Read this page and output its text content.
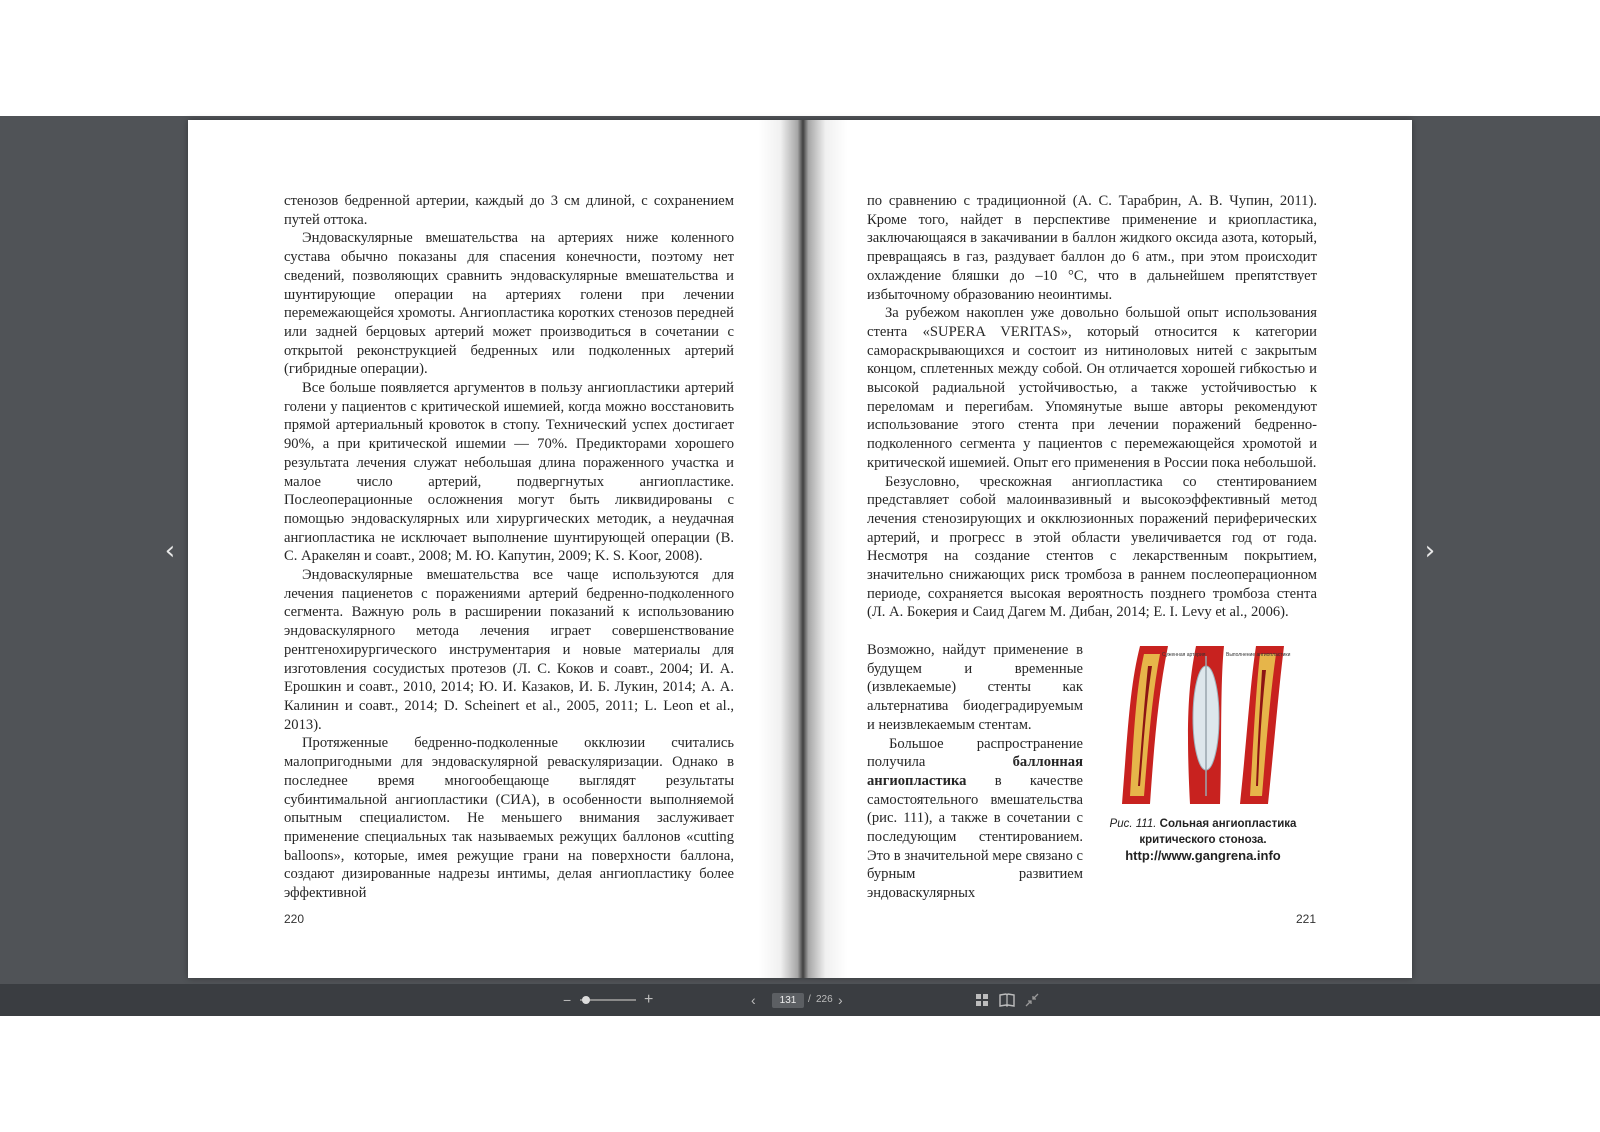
стенозов бедренной артерии, каждый до 3 см длиной, с сохранением путей оттока.

Эндоваскулярные вмешательства на артериях ниже коленного сустава обычно показаны для спасения конечности, поэтому нет сведений, позволяющих сравнить эндоваскулярные вмешательства и шунтирующие операции на артериях голени при лечении перемежающейся хромоты. Ангиопластика коротких стенозов передней или задней берцовых артерий может производиться в сочетании с открытой реконструкцией бедренных или подколенных артерий (гибридные операции).

Все больше появляется аргументов в пользу ангиопластики артерий голени у пациентов с критической ишемией, когда можно восстановить прямой артериальный кровоток в стопу. Технический успех достигает 90%, а при критической ишемии — 70%. Предикторами хорошего результата лечения служат небольшая длина пораженного участка и малое число артерий, подвергнутых ангиопластике. Послеоперационные осложнения могут быть ликвидированы с помощью эндоваскулярных или хирургических методик, а неудачная ангиопластика не исключает выполнение шунтирующей операции (В. С. Аракелян и соавт., 2008; М. Ю. Капутин, 2009; K. S. Koor, 2008).

Эндоваскулярные вмешательства все чаще используются для лечения пациенетов с поражениями артерий бедренно-подколенного сегмента. Важную роль в расширении показаний к использованию эндоваскулярного метода лечения играет совершенствование рентгенохирургического инструментария и новые материалы для изготовления сосудистых протезов (Л. С. Коков и соавт., 2004; И. А. Ерошкин и соавт., 2010, 2014; Ю. И. Казаков, И. Б. Лукин, 2014; А. А. Калинин и соавт., 2014; D. Scheinert et al., 2005, 2011; L. Leon et al., 2013).

Протяженные бедренно-подколенные окклюзии считались малопригодными для эндоваскулярной реваскуляризации. Однако в последнее время многообещающе выглядят результаты субинтимальной ангиопластики (СИА), в особенности выполняемой опытным специалистом. Не меньшего внимания заслуживает применение специальных так называемых режущих баллонов «cutting balloons», которые, имея режущие грани на поверхности баллона, создают дизированные надрезы интимы, делая ангиопластику более эффективной

220

по сравнению с традиционной (А. С. Тарабрин, А. В. Чупин, 2011). Кроме того, найдет в перспективе применение и криопластика, заключающаяся в закачивании в баллон жидкого оксида азота, который, превращаясь в газ, раздувает баллон до 6 атм., при этом происходит охлаждение бляшки до –10 °С, что в дальнейшем препятствует избыточному образованию неоинтимы.

За рубежом накоплен уже довольно большой опыт использования стента «SUPERA VERITAS», который относится к категории самораскрывающихся и состоит из нитиноловых нитей с закрытым концом, сплетенных между собой. Он отличается хорошей гибкостью и высокой радиальной устойчивостью, а также устойчивостью к переломам и перегибам. Упомянутые выше авторы рекомендуют использование этого стента при лечении поражений бедренно-подколенного сегмента у пациентов с перемежающейся хромотой и критической ишемией. Опыт его применения в России пока небольшой.

Безусловно, чрескожная ангиопластика со стентированием представляет собой малоинвазивный и высокоэффективный метод лечения стенозирующих и окклюзионных поражений периферических артерий, и прогресс в этой области увеличивается год от года. Несмотря на создание стентов с лекарственным покрытием, значительно снижающих риск тромбоза в раннем послеоперационном периоде, сохраняется высокая вероятность позднего тромбоза стента (Л. А. Бокерия и Саид Дагем М. Дибан, 2014; E. I. Levy et al., 2006).

Возможно, найдут применение в будущем и временные (извлекаемые) стенты как альтернатива биодеградируемым и неизвлекаемым стентам.

Большое распространение получила баллонная ангиопластика в качестве самостоятельного вмешательства (рис. 111), а также в сочетании с последующим стентированием. Это в значительной мере связано с бурным развитием эндоваскулярных

Суженная артерия	Выполнение ангиопластики
Рис. 111. Сольная ангиопластика критического стоноза.
http://www.gangrena.info
221
‹	›
−	+	‹	131	/ 226 ›
